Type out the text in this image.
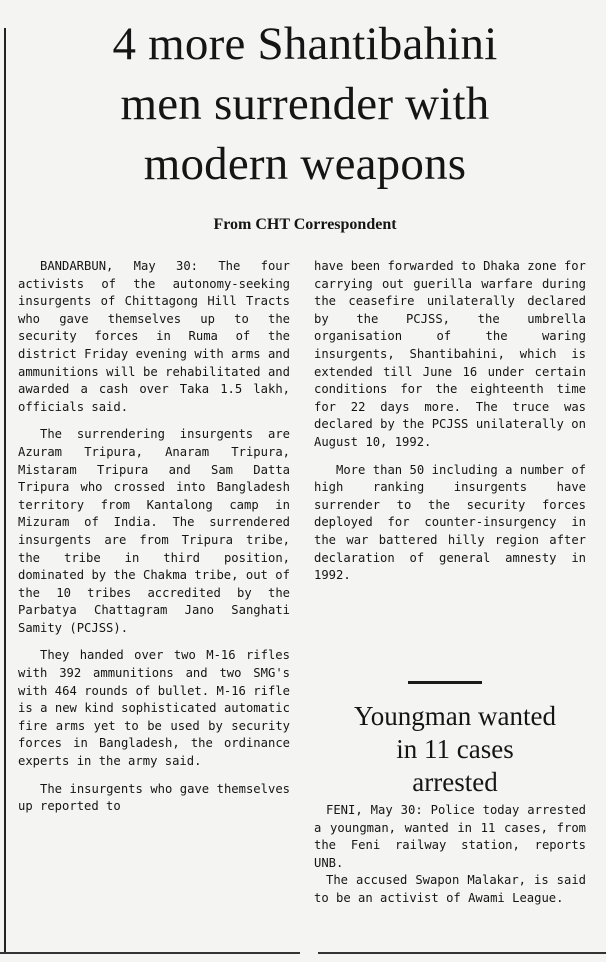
4 more Shantibahini
men surrender with
modern weapons

From CHT Correspondent

BANDARBUN, May 30: The four activists of the autonomy-seeking insurgents of Chittagong Hill Tracts who gave themselves up to the security forces in Ruma of the district Friday evening with arms and ammunitions will be rehabilitated and awarded a cash over Taka 1.5 lakh, officials said.

The surrendering insurgents are Azuram Tripura, Anaram Tripura, Mistaram Tripura and Sam Datta Tripura who crossed into Bangladesh territory from Kantalong camp in Mizuram of India. The surrendered insurgents are from Tripura tribe, the tribe in third position, dominated by the Chakma tribe, out of the 10 tribes accredited by the Parbatya Chattagram Jano Sanghati Samity (PCJSS).

They handed over two M-16 rifles with 392 ammunitions and two SMG's with 464 rounds of bullet. M-16 rifle is a new kind sophisticated automatic fire arms yet to be used by security forces in Bangladesh, the ordinance experts in the army said.

The insurgents who gave themselves up reported to

have been forwarded to Dhaka zone for carrying out guerilla warfare during the ceasefire unilaterally declared by the PCJSS, the umbrella organisation of the waring insurgents, Shantibahini, which is extended till June 16 under certain conditions for the eighteenth time for 22 days more. The truce was declared by the PCJSS unilaterally on August 10, 1992.

More than 50 including a number of high ranking insurgents have surrender to the security forces deployed for counter-insurgency in the war battered hilly region after declaration of general amnesty in 1992.

Youngman wanted
in 11 cases
arrested

FENI, May 30: Police today arrested a youngman, wanted in 11 cases, from the Feni railway station, reports UNB.

The accused Swapon Malakar, is said to be an activist of Awami League.
